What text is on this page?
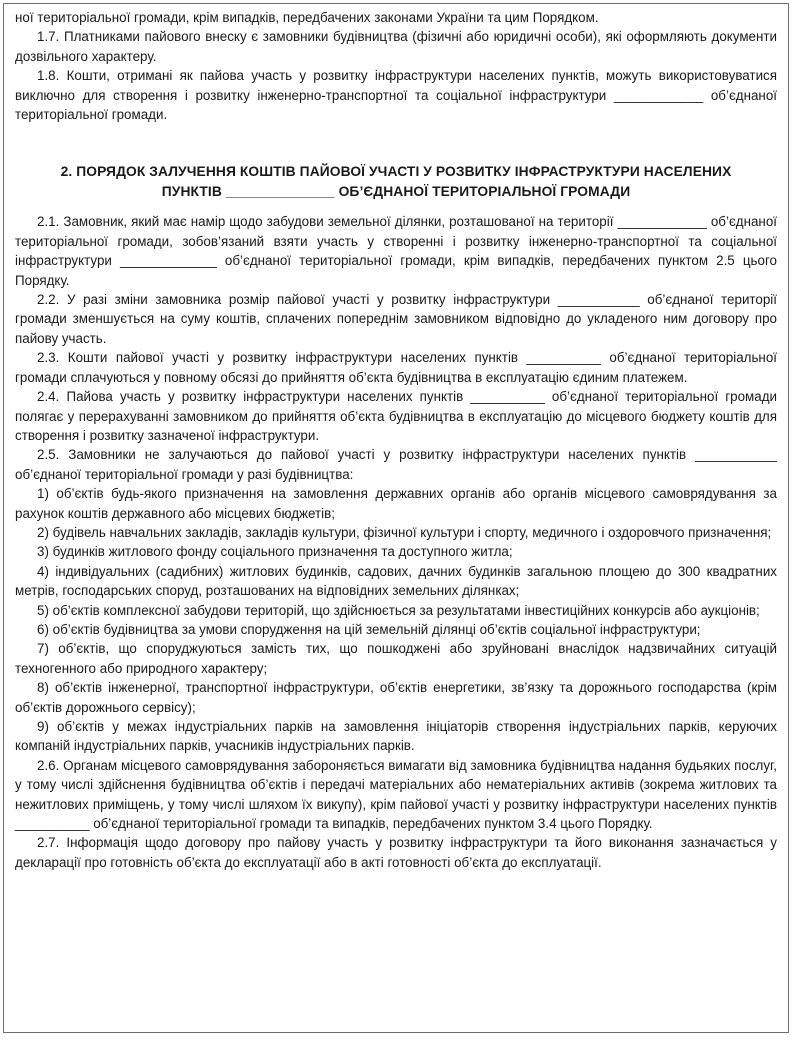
ної територіальної громади, крім випадків, передбачених законами України та цим Порядком.

1.7. Платниками пайового внеску є замовники будівництва (фізичні або юридичні особи), які оформляють документи дозвільного характеру.

1.8. Кошти, отримані як пайова участь у розвитку інфраструктури населених пунктів, можуть використовуватися виключно для створення і розвитку інженерно-транспортної та соціальної інфраструктури ____________ об’єднаної територіальної громади.

2. ПОРЯДОК ЗАЛУЧЕННЯ КОШТІВ ПАЙОВОЇ УЧАСТІ У РОЗВИТКУ ІНФРАСТРУКТУРИ НАСЕЛЕНИХ ПУНКТІВ ______________ ОБ’ЄДНАНОЇ ТЕРИТОРІАЛЬНОЇ ГРОМАДИ

2.1. Замовник, який має намір щодо забудови земельної ділянки, розташованої на території ____________ об’єднаної територіальної громади, зобов’язаний взяти участь у створенні і розвитку інженерно-транспортної та соціальної інфраструктури _____________ об’єднаної територіальної громади, крім випадків, передбачених пунктом 2.5 цього Порядку.

2.2. У разі зміни замовника розмір пайової участі у розвитку інфраструктури ___________ об’єднаної території громади зменшується на суму коштів, сплачених попереднім замовником відповідно до укладеного ним договору про пайову участь.

2.3. Кошти пайової участі у розвитку інфраструктури населених пунктів __________ об’єднаної територіальної громади сплачуються у повному обсязі до прийняття об’єкта будівництва в експлуатацію єдиним платежем.

2.4. Пайова участь у розвитку інфраструктури населених пунктів __________ об’єднаної територіальної громади полягає у перерахуванні замовником до прийняття об’єкта будівництва в експлуатацію до місцевого бюджету коштів для створення і розвитку зазначеної інфраструктури.

2.5. Замовники не залучаються до пайової участі у розвитку інфраструктури населених пунктів ___________ об’єднаної територіальної громади у разі будівництва:

1) об’єктів будь-якого призначення на замовлення державних органів або органів місцевого самоврядування за рахунок коштів державного або місцевих бюджетів;

2) будівель навчальних закладів, закладів культури, фізичної культури і спорту, медичного і оздоровчого призначення;

3) будинків житлового фонду соціального призначення та доступного житла;

4) індивідуальних (садибних) житлових будинків, садових, дачних будинків загальною площею до 300 квадратних метрів, господарських споруд, розташованих на відповідних земельних ділянках;

5) об’єктів комплексної забудови територій, що здійснюється за результатами інвестиційних конкурсів або аукціонів;

6) об’єктів будівництва за умови спорудження на цій земельній ділянці об’єктів соціальної інфраструктури;

7) об’єктів, що споруджуються замість тих, що пошкоджені або зруйновані внаслідок надзвичайних ситуацій техногенного або природного характеру;

8) об’єктів інженерної, транспортної інфраструктури, об’єктів енергетики, зв’язку та дорожнього господарства (крім об’єктів дорожнього сервісу);

9) об’єктів у межах індустріальних парків на замовлення ініціаторів створення індустріальних парків, керуючих компаній індустріальних парків, учасників індустріальних парків.

2.6. Органам місцевого самоврядування забороняється вимагати від замовника будівництва надання будьяких послуг, у тому числі здійснення будівництва об’єктів і передачі матеріальних або нематеріальних активів (зокрема житлових та нежитлових приміщень, у тому числі шляхом їх викупу), крім пайової участі у розвитку інфраструктури населених пунктів __________ об’єднаної територіальної громади та випадків, передбачених пунктом 3.4 цього Порядку.

2.7. Інформація щодо договору про пайову участь у розвитку інфраструктури та його виконання зазначається у декларації про готовність об’єкта до експлуатації або в акті готовності об’єкта до експлуатації.
